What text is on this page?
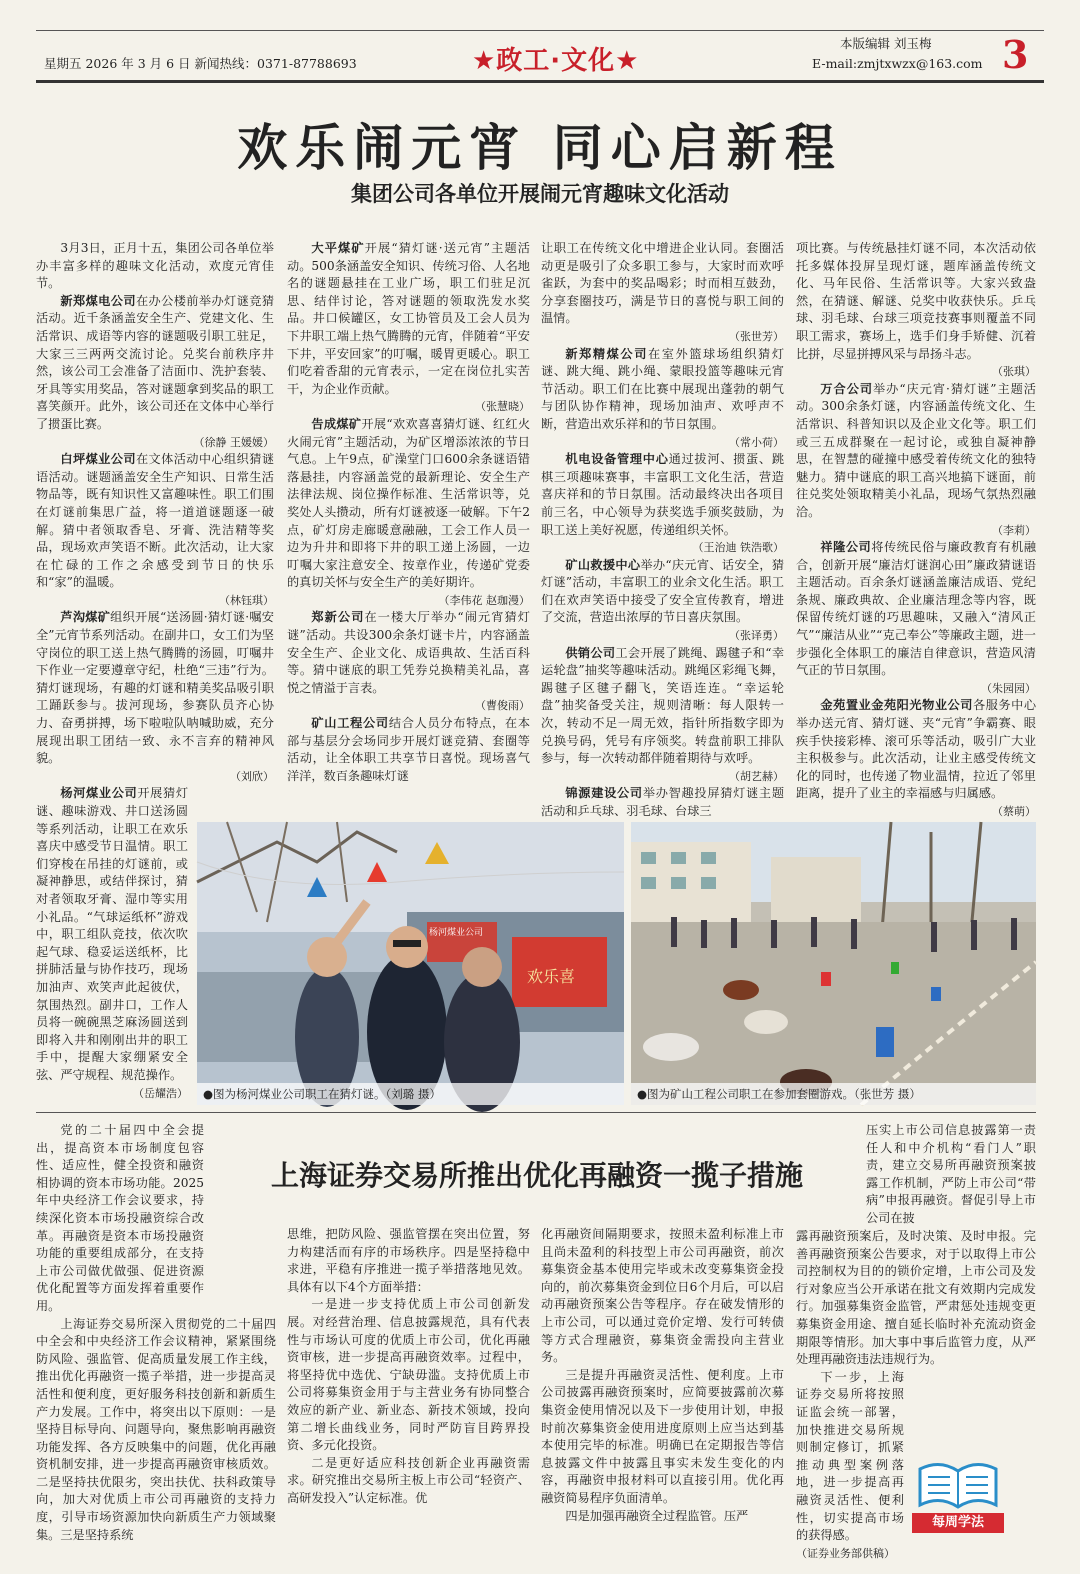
星期五 2026 年 3 月 6 日 新闻热线：0371-87788693	★政工·文化★
本版编辑 刘玉梅
E-mail:zmjtxwzx@163.com 3
欢乐闹元宵 同心启新程
集团公司各单位开展闹元宵趣味文化活动

3月3日，正月十五，集团公司各单位举办丰富多样的趣味文化活动，欢度元宵佳节。

新郑煤电公司在办公楼前举办灯谜竞猜活动。近千条涵盖安全生产、党建文化、生活常识、成语等内容的谜题吸引职工驻足，大家三三两两交流讨论。兑奖台前秩序井然，该公司工会准备了洁面巾、洗护套装、牙具等实用奖品，答对谜题拿到奖品的职工喜笑颜开。此外，该公司还在文体中心举行了掼蛋比赛。

（徐静 王媛媛）

白坪煤业公司在文体活动中心组织猜谜语活动。谜题涵盖安全生产知识、日常生活物品等，既有知识性又富趣味性。职工们围在灯谜前集思广益，将一道道谜题逐一破解。猜中者领取香皂、牙膏、洗洁精等奖品，现场欢声笑语不断。此次活动，让大家在忙碌的工作之余感受到节日的快乐和“家”的温暖。

（林钰琪）

芦沟煤矿组织开展“送汤圆·猜灯谜·嘱安全”元宵节系列活动。在副井口，女工们为坚守岗位的职工送上热气腾腾的汤圆，叮嘱井下作业一定要遵章守纪，杜绝“三违”行为。猜灯谜现场，有趣的灯谜和精美奖品吸引职工踊跃参与。拔河现场，参赛队员齐心协力、奋勇拼搏，场下啦啦队呐喊助威，充分展现出职工团结一致、永不言弃的精神风貌。

（刘欣）

杨河煤业公司开展猜灯谜、趣味游戏、井口送汤圆等系列活动，让职工在欢乐喜庆中感受节日温情。职工们穿梭在吊挂的灯谜前，或凝神静思，或结伴探讨，猜对者领取牙膏、湿巾等实用小礼品。“气球运纸杯”游戏中，职工组队竞技，依次吹起气球、稳妥运送纸杯，比拼肺活量与协作技巧，现场加油声、欢笑声此起彼伏，氛围热烈。副井口，工作人员将一碗碗黑芝麻汤圆送到即将入井和刚刚出井的职工手中，提醒大家绷紧安全弦、严守规程、规范操作。

（岳耀浩）

大平煤矿开展“猜灯谜·送元宵”主题活动。500条涵盖安全知识、传统习俗、人名地名的谜题悬挂在工业广场，职工们驻足沉思、结伴讨论，答对谜题的领取洗发水奖品。井口候罐区，女工协管员及工会人员为下井职工端上热气腾腾的元宵，伴随着“平安下井，平安回家”的叮嘱，暖胃更暖心。职工们吃着香甜的元宵表示，一定在岗位扎实苦干，为企业作贡献。

（张慧晓）

告成煤矿开展“欢欢喜喜猜灯谜、红红火火闹元宵”主题活动，为矿区增添浓浓的节日气息。上午9点，矿澡堂门口600余条谜语错落悬挂，内容涵盖党的最新理论、安全生产法律法规、岗位操作标准、生活常识等，兑奖处人头攒动，所有灯谜被逐一破解。下午2点，矿灯房走廊暖意融融，工会工作人员一边为升井和即将下井的职工递上汤圆，一边叮嘱大家注意安全、按章作业，传递矿党委的真切关怀与安全生产的美好期许。

（李伟花 赵珈漫）

郑新公司在一楼大厅举办“闹元宵猜灯谜”活动。共设300余条灯谜卡片，内容涵盖安全生产、企业文化、成语典故、生活百科等。猜中谜底的职工凭券兑换精美礼品，喜悦之情溢于言表。

（曹俊雨）

矿山工程公司结合人员分布特点，在本部与基层分会场同步开展灯谜竞猜、套圈等活动，让全体职工共享节日喜悦。现场喜气洋洋，数百条趣味灯谜

让职工在传统文化中增进企业认同。套圈活动更是吸引了众多职工参与，大家时而欢呼雀跃，为套中的奖品喝彩；时而相互鼓劲，分享套圈技巧，满是节日的喜悦与职工间的温情。

（张世芳）

新郑精煤公司在室外篮球场组织猜灯谜、跳大绳、跳小绳、蒙眼投篮等趣味元宵节活动。职工们在比赛中展现出蓬勃的朝气与团队协作精神，现场加油声、欢呼声不断，营造出欢乐祥和的节日氛围。

（常小荷）

机电设备管理中心通过拔河、掼蛋、跳棋三项趣味赛事，丰富职工文化生活，营造喜庆祥和的节日氛围。活动最终决出各项目前三名，中心领导为获奖选手颁奖鼓励，为职工送上美好祝愿，传递组织关怀。

（王治迪 铁浩歌）

矿山救援中心举办“庆元宵、话安全，猜灯谜”活动，丰富职工的业余文化生活。职工们在欢声笑语中接受了安全宣传教育，增进了交流，营造出浓厚的节日喜庆氛围。

（张译勇）

供销公司工会开展了跳绳、踢毽子和“幸运轮盘”抽奖等趣味活动。跳绳区彩绳飞舞，踢毽子区毽子翻飞，笑语连连。“幸运轮盘”抽奖备受关注，规则清晰：每人限转一次，转动不足一周无效，指针所指数字即为兑换号码，凭号有序领奖。转盘前职工排队参与，每一次转动都伴随着期待与欢呼。

（胡艺赫）

锦源建设公司举办智趣投屏猜灯谜主题活动和乒乓球、羽毛球、台球三

项比赛。与传统悬挂灯谜不同，本次活动依托多媒体投屏呈现灯谜，题库涵盖传统文化、马年民俗、生活常识等。大家兴致盎然，在猜谜、解谜、兑奖中收获快乐。乒乓球、羽毛球、台球三项竞技赛事则覆盖不同职工需求，赛场上，选手们身手矫健、沉着比拼，尽显拼搏风采与昂扬斗志。

（张琪）

万合公司举办“庆元宵·猜灯谜”主题活动。300余条灯谜，内容涵盖传统文化、生活常识、科普知识以及企业文化等。职工们或三五成群聚在一起讨论，或独自凝神静思，在智慧的碰撞中感受着传统文化的独特魅力。猜中谜底的职工高兴地搞下谜面，前往兑奖处领取精美小礼品，现场气氛热烈融洽。

（李莉）

祥隆公司将传统民俗与廉政教育有机融合，创新开展“廉洁灯谜润心田”廉政猜谜语主题活动。百余条灯谜涵盖廉洁成语、党纪条规、廉政典故、企业廉洁理念等内容，既保留传统灯谜的巧思趣味，又融入“清风正气”“廉洁从业”“克己奉公”等廉政主题，进一步强化全体职工的廉洁自律意识，营造风清气正的节日氛围。

（朱园园）

金苑置业金苑阳光物业公司各服务中心举办送元宵、猜灯谜、夹“元宵”争霸赛、眼疾手快接彩棒、滚可乐等活动，吸引广大业主积极参与。此次活动，让业主感受传统文化的同时，也传递了物业温情，拉近了邻里距离，提升了业主的幸福感与归属感。

（蔡萌）

杨河煤业公司
欢乐喜
●图为杨河煤业公司职工在猜灯谜。（刘璐 摄）	●图为矿山工程公司职工在参加套圈游戏。（张世芳 摄）
上海证券交易所推出优化再融资一揽子措施

党的二十届四中全会提出，提高资本市场制度包容性、适应性，健全投资和融资相协调的资本市场功能。2025年中央经济工作会议要求，持续深化资本市场投融资综合改革。再融资是资本市场投融资功能的重要组成部分，在支持上市公司做优做强、促进资源优化配置等方面发挥着重要作用。

上海证券交易所深入贯彻党的二十届四中全会和中央经济工作会议精神，紧紧围绕防风险、强监管、促高质量发展工作主线，推出优化再融资一揽子举措，进一步提高灵活性和便利度，更好服务科技创新和新质生产力发展。工作中，将突出以下原则：一是坚持目标导向、问题导向，聚焦影响再融资功能发挥、各方反映集中的问题，优化再融资机制安排，进一步提高再融资审核质效。二是坚持扶优限劣，突出扶优、扶科政策导向，加大对优质上市公司再融资的支持力度，引导市场资源加快向新质生产力领域聚集。三是坚持系统

思维，把防风险、强监管摆在突出位置，努力构建活而有序的市场秩序。四是坚持稳中求进，平稳有序推进一揽子举措落地见效。具体有以下4个方面举措：

一是进一步支持优质上市公司创新发展。对经营治理、信息披露规范，具有代表性与市场认可度的优质上市公司，优化再融资审核，进一步提高再融资效率。过程中，将坚持优中选优、宁缺毋滥。支持优质上市公司将募集资金用于与主营业务有协同整合效应的新产业、新业态、新技术领域，投向第二增长曲线业务，同时严防盲目跨界投资、多元化投资。

二是更好适应科技创新企业再融资需求。研究推出交易所主板上市公司“轻资产、高研发投入”认定标准。优

化再融资间隔期要求，按照未盈利标准上市且尚未盈利的科技型上市公司再融资，前次募集资金基本使用完毕或未改变募集资金投向的，前次募集资金到位日6个月后，可以启动再融资预案公告等程序。存在破发情形的上市公司，可以通过竞价定增、发行可转债等方式合理融资，募集资金需投向主营业务。

三是提升再融资灵活性、便利度。上市公司披露再融资预案时，应简要披露前次募集资金使用情况以及下一步使用计划，申报时前次募集资金使用进度原则上应当达到基本使用完毕的标准。明确已在定期报告等信息披露文件中披露且事实未发生变化的内容，再融资申报材料可以直接引用。优化再融资简易程序负面清单。

四是加强再融资全过程监管。压严

压实上市公司信息披露第一责任人和中介机构“看门人”职责，建立交易所再融资预案披露工作机制，严防上市公司“带病”申报再融资。督促引导上市公司在披

露再融资预案后，及时决策、及时申报。完善再融资预案公告要求，对于以取得上市公司控制权为目的的锁价定增，上市公司及发行对象应当公开承诺在批文有效期内完成发行。加强募集资金监管，严肃惩处违规变更募集资金用途、擅自延长临时补充流动资金期限等情形。加大事中事后监管力度，从严处理再融资违法违规行为。

下一步，上海证券交易所将按照证监会统一部署，加快推进交易所规则制定修订，抓紧推动典型案例落地，进一步提高再融资灵活性、便利性，切实提高市场的获得感。

（证券业务部供稿）

每周学法
